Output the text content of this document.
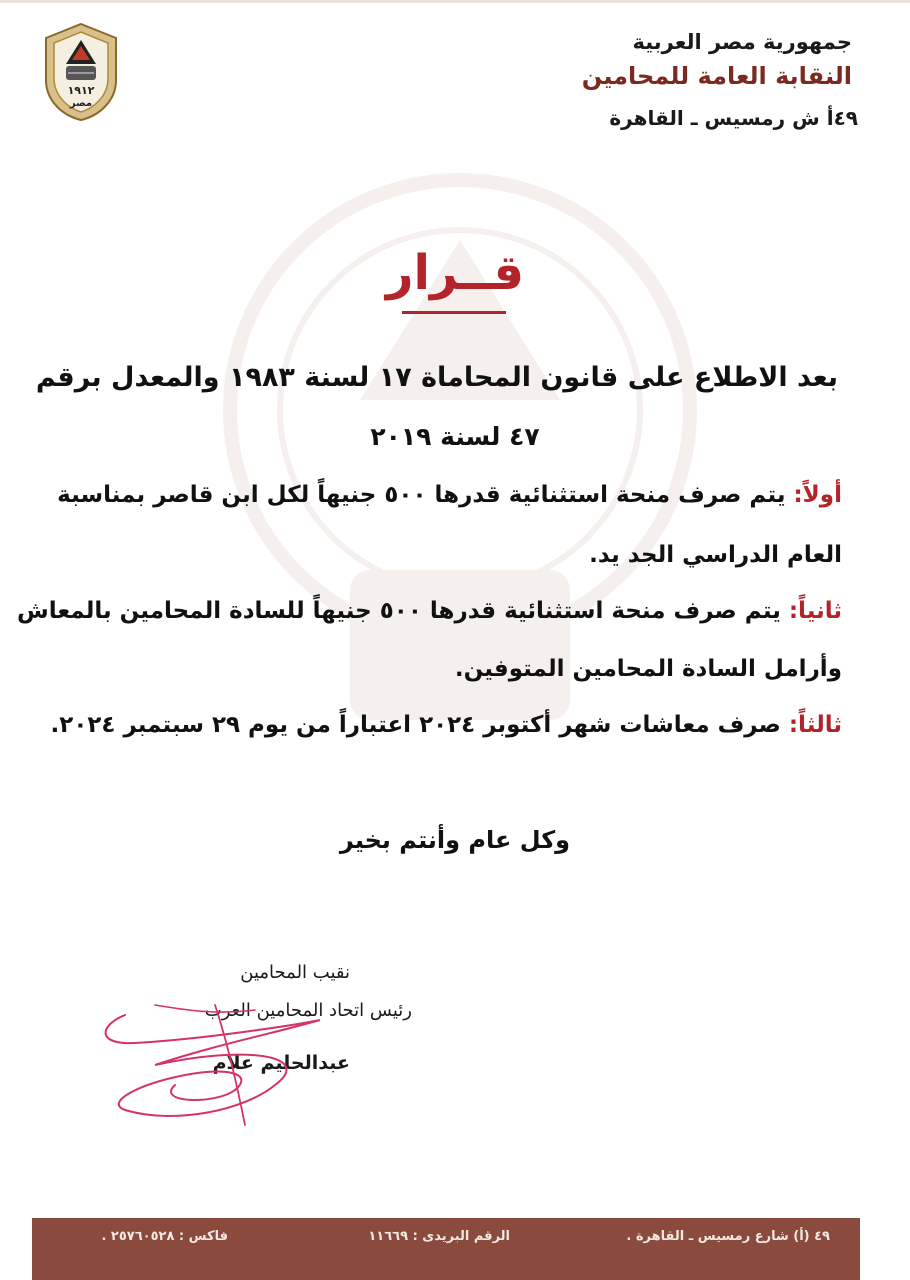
١٩١٢
مصر
جمهورية مصر العربية
النقابة العامة للمحامين
٤٩أ ش رمسيس ـ القاهرة
قــرار
بعد الاطلاع على قانون المحاماة ١٧ لسنة ١٩٨٣ والمعدل برقم
٤٧ لسنة ٢٠١٩
أولاً: يتم صرف منحة استثنائية قدرها ٥٠٠ جنيهاً لكل ابن قاصر بمناسبة
العام الدراسي الجد يد.
ثانياً: يتم صرف منحة استثنائية قدرها ٥٠٠ جنيهاً للسادة المحامين بالمعاش
وأرامل السادة المحامين المتوفين.
ثالثاً: صرف معاشات شهر أكتوبر ٢٠٢٤ اعتباراً من يوم ٢٩ سبتمبر ٢٠٢٤.
وكل عام وأنتم بخير
نقيب المحامين
رئيس اتحاد المحامين العرب
عبدالحليم علام
٤٩ (أ) شارع رمسيس ـ القاهرة .
الرقم البريدى : ١١٦٦٩
فاكس : ٢٥٧٦٠٥٢٨ .
